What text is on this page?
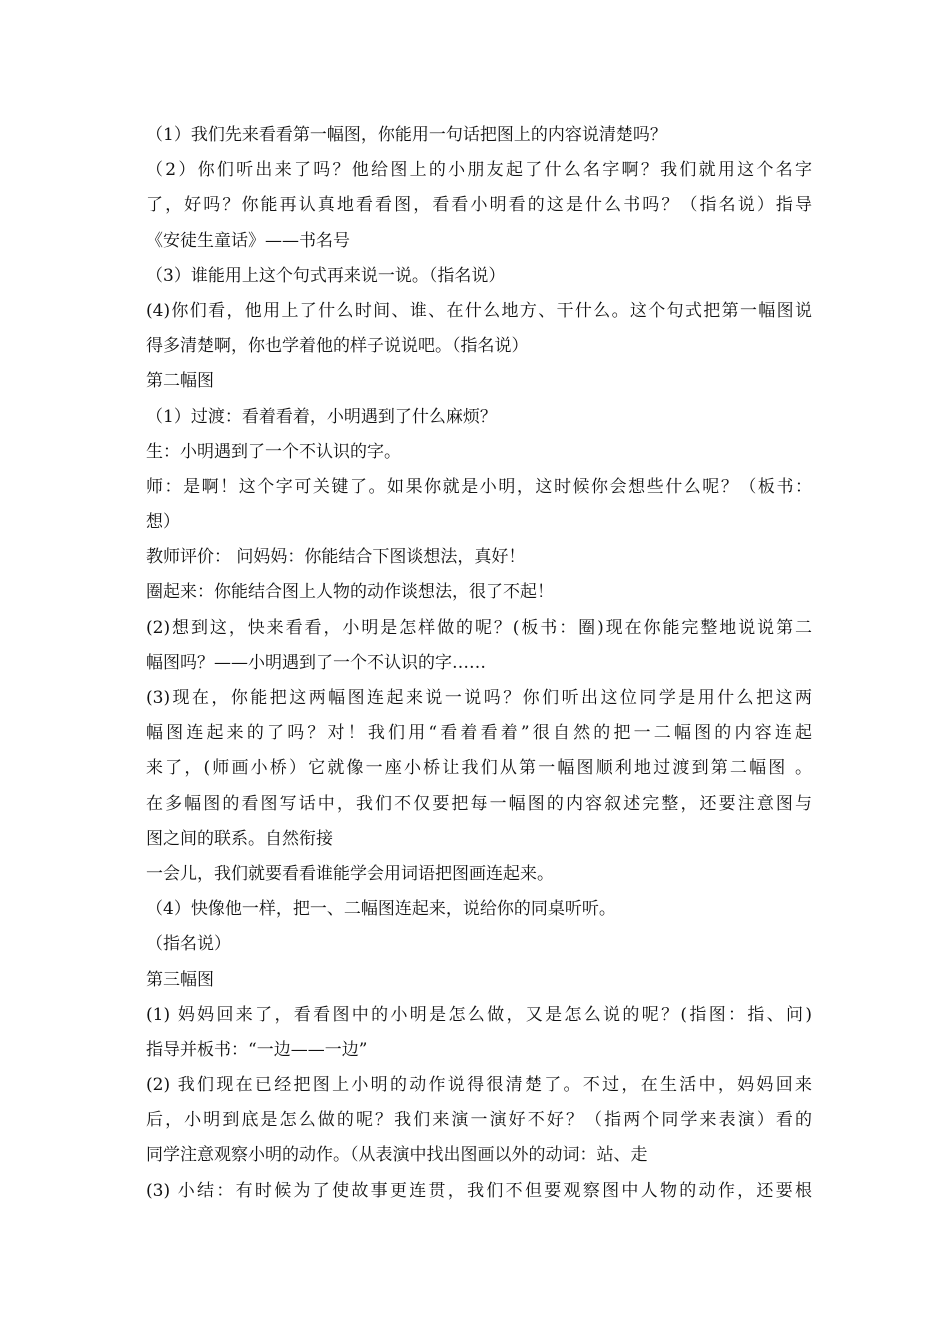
（1）我们先来看看第一幅图，你能用一句话把图上的内容说清楚吗？
（2）你们听出来了吗？他给图上的小朋友起了什么名字啊？我们就用这个名字
了，好吗？你能再认真地看看图，看看小明看的这是什么书吗？（指名说）指导
《安徒生童话》——书名号
（3）谁能用上这个句式再来说一说。（指名说）
(4)你们看，他用上了什么时间、谁、在什么地方、干什么。这个句式把第一幅图说
得多清楚啊，你也学着他的样子说说吧。（指名说）
第二幅图
（1）过渡：看着看着，小明遇到了什么麻烦？
生：小明遇到了一个不认识的字。
师：是啊！这个字可关键了。如果你就是小明，这时候你会想些什么呢？（板书：
想）
教师评价： 问妈妈：你能结合下图谈想法，真好！
圈起来：你能结合图上人物的动作谈想法，很了不起！
(2)想到这，快来看看，小明是怎样做的呢？(板书：圈)现在你能完整地说说第二
幅图吗？——小明遇到了一个不认识的字……
(3)现在，你能把这两幅图连起来说一说吗？你们听出这位同学是用什么把这两
幅图连起来的了吗？对！我们用“看着看着”很自然的把一二幅图的内容连起
来了，(师画小桥）它就像一座小桥让我们从第一幅图顺利地过渡到第二幅图 。
在多幅图的看图写话中，我们不仅要把每一幅图的内容叙述完整，还要注意图与
图之间的联系。自然衔接
一会儿，我们就要看看谁能学会用词语把图画连起来。
（4）快像他一样，把一、二幅图连起来，说给你的同桌听听。
（指名说）
第三幅图
(1) 妈妈回来了，看看图中的小明是怎么做，又是怎么说的呢？(指图：指、问)
指导并板书：“一边——一边”
(2) 我们现在已经把图上小明的动作说得很清楚了。不过，在生活中，妈妈回来
后，小明到底是怎么做的呢？我们来演一演好不好？（指两个同学来表演）看的
同学注意观察小明的动作。（从表演中找出图画以外的动词：站、走
(3) 小结：有时候为了使故事更连贯，我们不但要观察图中人物的动作，还要根
